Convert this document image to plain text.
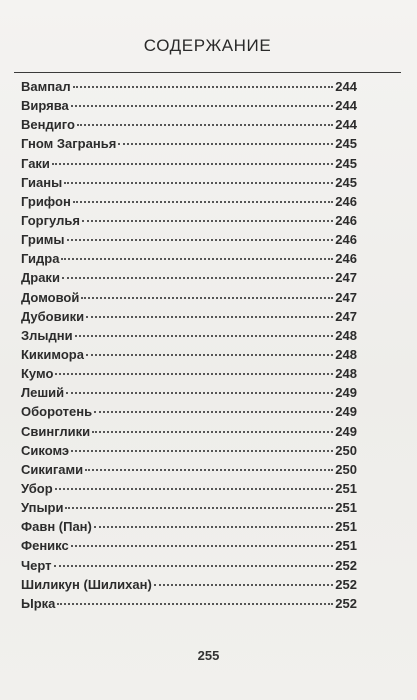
СОДЕРЖАНИЕ
Вампал	244
Вирява	244
Вендиго	244
Гном Загранья	245
Гаки	245
Гианы	245
Грифон	246
Горгулья	246
Гримы	246
Гидра	246
Драки	247
Домовой	247
Дубовики	247
Злыдни	248
Кикимора	248
Кумо	248
Леший	249
Оборотень	249
Свинглики	249
Сикомэ	250
Сикигами	250
Убор	251
Упыри	251
Фавн (Пан)	251
Феникс	251
Черт	252
Шиликун (Шилихан)	252
Ырка	252
255
